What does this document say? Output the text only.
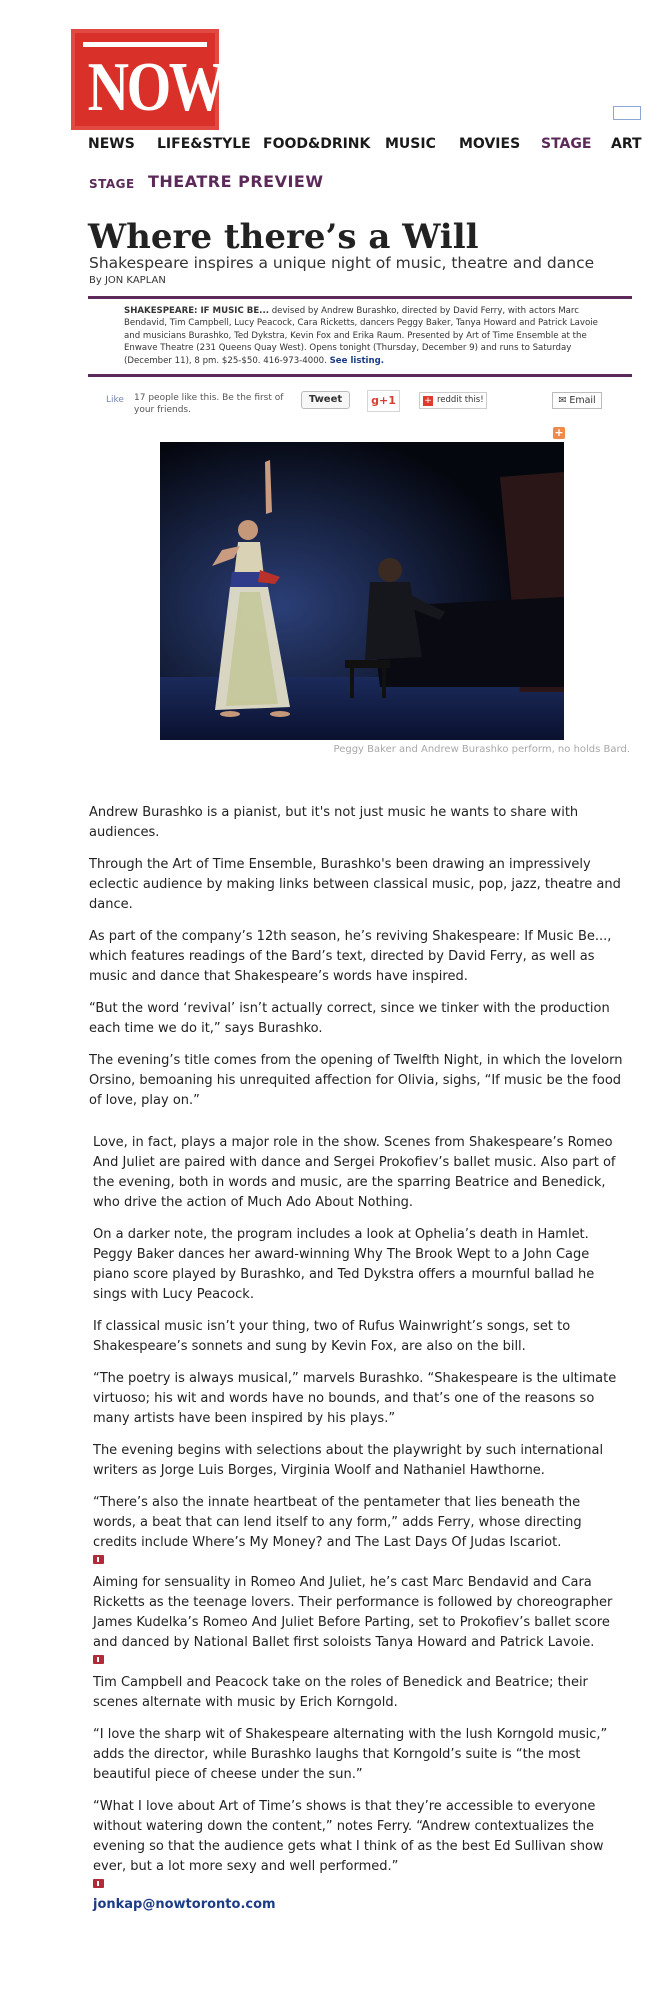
NOW
NEWS LIFE&STYLE FOOD&DRINK MUSIC MOVIES STAGE ART
STAGE THEATRE PREVIEW
Where there’s a Will
Shakespeare inspires a unique night of music, theatre and dance
By JON KAPLAN

SHAKESPEARE: IF MUSIC BE... devised by Andrew Burashko, directed by David Ferry, with actors Marc Bendavid, Tim Campbell, Lucy Peacock, Cara Ricketts, dancers Peggy Baker, Tanya Howard and Patrick Lavoie and musicians Burashko, Ted Dykstra, Kevin Fox and Erika Raum. Presented by Art of Time Ensemble at the Enwave Theatre (231 Queens Quay West). Opens tonight (Thursday, December 9) and runs to Saturday (December 11), 8 pm. $25-$50. 416-973-4000. See listing.

Like 17 people like this. Be the first of your friends.
Tweet	g+1	+ reddit this!	✉ Email
+
Peggy Baker and Andrew Burashko perform, no holds Bard.

Andrew Burashko is a pianist, but it's not just music he wants to share with audiences.

Through the Art of Time Ensemble, Burashko's been drawing an impressively eclectic audience by making links between classical music, pop, jazz, theatre and dance.

As part of the company’s 12th season, he’s reviving Shakespeare: If Music Be..., which features readings of the Bard’s text, directed by David Ferry, as well as music and dance that Shakespeare’s words have inspired.

“But the word ‘revival’ isn’t actually correct, since we tinker with the production each time we do it,” says Burashko.

The evening’s title comes from the opening of Twelfth Night, in which the lovelorn Orsino, bemoaning his unrequited affection for Olivia, sighs, “If music be the food of love, play on.”

Love, in fact, plays a major role in the show. Scenes from Shakespeare’s Romeo And Juliet are paired with dance and Sergei Prokofiev’s ballet music. Also part of the evening, both in words and music, are the sparring Beatrice and Benedick, who drive the action of Much Ado About Nothing.

On a darker note, the program includes a look at Ophelia’s death in Hamlet. Peggy Baker dances her award-winning Why The Brook Wept to a John Cage piano score played by Burashko, and Ted Dykstra offers a mournful ballad he sings with Lucy Peacock.

If classical music isn’t your thing, two of Rufus Wainwright’s songs, set to Shakespeare’s sonnets and sung by Kevin Fox, are also on the bill.

“The poetry is always musical,” marvels Burashko. “Shakespeare is the ultimate virtuoso; his wit and words have no bounds, and that’s one of the reasons so many artists have been inspired by his plays.”

The evening begins with selections about the playwright by such international writers as Jorge Luis Borges, Virginia Woolf and Nathaniel Hawthorne.

“There’s also the innate heartbeat of the pentameter that lies beneath the words, a beat that can lend itself to any form,” adds Ferry, whose directing credits include Where’s My Money? and The Last Days Of Judas Iscariot.

Aiming for sensuality in Romeo And Juliet, he’s cast Marc Bendavid and Cara Ricketts as the teenage lovers. Their performance is followed by choreographer James Kudelka’s Romeo And Juliet Before Parting, set to Prokofiev’s ballet score and danced by National Ballet first soloists Tanya Howard and Patrick Lavoie.

Tim Campbell and Peacock take on the roles of Benedick and Beatrice; their scenes alternate with music by Erich Korngold.

“I love the sharp wit of Shakespeare alternating with the lush Korngold music,” adds the director, while Burashko laughs that Korngold’s suite is “the most beautiful piece of cheese under the sun.”

“What I love about Art of Time’s shows is that they’re accessible to everyone without watering down the content,” notes Ferry. “Andrew contextualizes the evening so that the audience gets what I think of as the best Ed Sullivan show ever, but a lot more sexy and well performed.”

jonkap@nowtoronto.com
